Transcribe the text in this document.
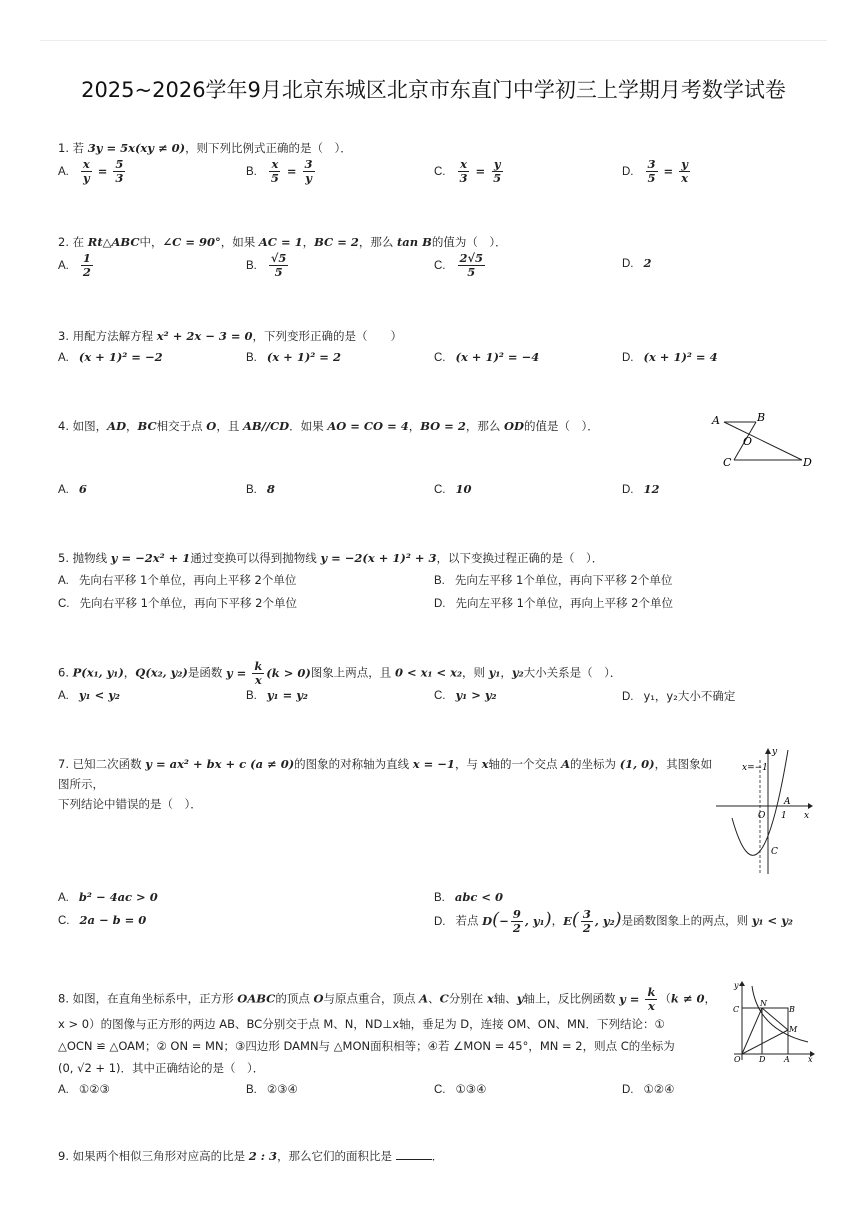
2025~2026学年9月北京东城区北京市东直门中学初三上学期月考数学试卷
1. 若 3y = 5x(xy ≠ 0)，则下列比例式正确的是（　）．
A. $\frac{x}{y} = \frac{5}{3}$	B. $\frac{x}{5} = \frac{3}{y}$	C. $\frac{x}{3} = \frac{y}{5}$	D. $\frac{3}{5} = \frac{y}{x}$
2. 在 Rt△ABC中，∠C = 90°，如果 AC = 1，BC = 2，那么 tan B的值为（　）．
A. $\frac{1}{2}$	B. $\frac{√5}{5}$	C. $\frac{2√5}{5}$	D. 2
3. 用配方法解方程 x² + 2x − 3 = 0，下列变形正确的是（　　）
A. (x + 1)² = −2	B. (x + 1)² = 2	C. (x + 1)² = −4	D. (x + 1)² = 4
4. 如图，AD，BC相交于点 O，且 AB//CD．如果 AO = CO = 4，BO = 2，那么 OD的值是（　）．	A	B
O
C	D
A. 6	B. 8	C. 10	D. 12
5. 抛物线 y = −2x² + 1通过变换可以得到抛物线 y = −2(x + 1)² + 3，以下变换过程正确的是（　）．
A. 先向右平移 1个单位，再向上平移 2个单位	B. 先向左平移 1个单位，再向下平移 2个单位
C. 先向右平移 1个单位，再向下平移 2个单位	D. 先向左平移 1个单位，再向上平移 2个单位
6. P(x₁, y₁)，Q(x₂, y₂)是函数 $y = \frac{k}{x} (k > 0)$图象上两点，且 0 < x₁ < x₂，则 y₁，y₂大小关系是（　）．
A. y₁ < y₂	B. y₁ = y₂	C. y₁ > y₂	D. y₁，y₂大小不确定
7. 已知二次函数 y = ax² + bx + c (a ≠ 0)的图象的对称轴为直线 x = −1，与 x轴的一个交点 A的坐标为 (1, 0)，其图象如图所示，
下列结论中错误的是（　）．
y
x=−1
O 1
A
x
C
A. b² − 4ac > 0	B. abc < 0
C. 2a − b = 0	D. 若点 $D(- \frac{9}{2}$ , y₁)，$E( \frac{3}{2}$ , y₂)是函数图象上的两点，则 y₁ < y₂
8. 如图，在直角坐标系中，正方形 OABC的顶点 O与原点重合，顶点 A、C分别在 x轴、y轴上，反比例函数 $y = \frac{k}{x} (k \ne 0$，
x > 0）的图像与正方形的两边 AB、BC分别交于点 M、N，ND⊥x轴，垂足为 D，连接 OM、ON、MN．下列结论：①
△OCN ≌ △OAM；② ON = MN；③四边形 DAMN与 △MON面积相等；④若 ∠MON = 45°，MN = 2，则点 C的坐标为
(0, √2 + 1)．其中正确结论的是（　）．
y
C
N
B
M
O D A x
A. ①②③	B. ②③④	C. ①③④	D. ①②④
9. 如果两个相似三角形对应高的比是 2 : 3，那么它们的面积比是	．
